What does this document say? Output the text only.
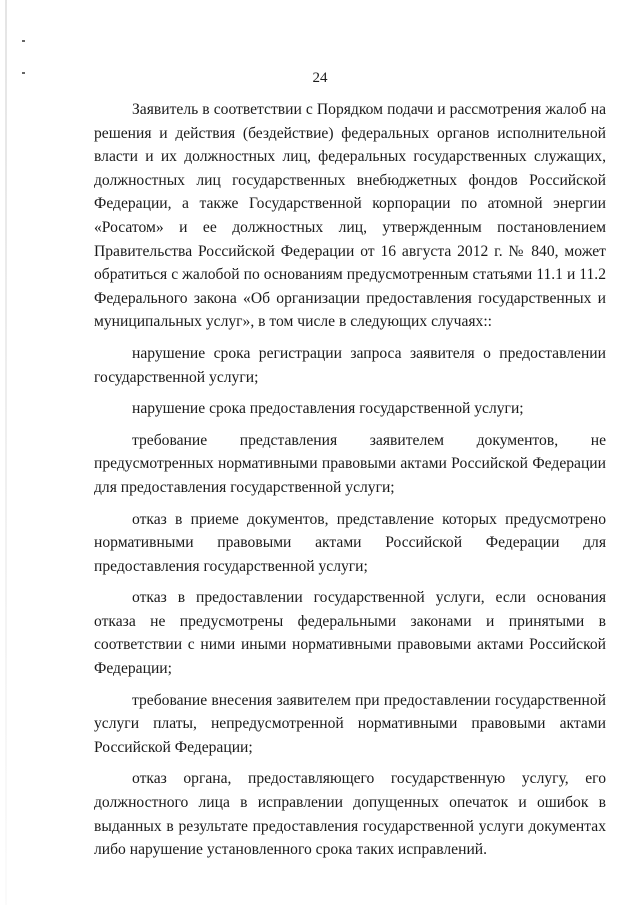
24

Заявитель в соответствии с Порядком подачи и рассмотрения жалоб на решения и действия (бездействие) федеральных органов исполнительной власти и их должностных лиц, федеральных государственных служащих, должностных лиц государственных внебюджетных фондов Российской Федерации, а также Государственной корпорации по атомной энергии «Росатом» и ее должностных лиц, утвержденным постановлением Правительства Российской Федерации от 16 августа 2012 г. № 840, может обратиться с жалобой по основаниям предусмотренным статьями 11.1 и 11.2 Федерального закона «Об организации предоставления государственных и муниципальных услуг», в том числе в следующих случаях::

нарушение срока регистрации запроса заявителя о предоставлении государственной услуги;

нарушение срока предоставления государственной услуги;

требование представления заявителем документов, не предусмотренных нормативными правовыми актами Российской Федерации для предоставления государственной услуги;

отказ в приеме документов, представление которых предусмотрено нормативными правовыми актами Российской Федерации для предоставления государственной услуги;

отказ в предоставлении государственной услуги, если основания отказа не предусмотрены федеральными законами и принятыми в соответствии с ними иными нормативными правовыми актами Российской Федерации;

требование внесения заявителем при предоставлении государственной услуги платы, непредусмотренной нормативными правовыми актами Российской Федерации;

отказ органа, предоставляющего государственную услугу, его должностного лица в исправлении допущенных опечаток и ошибок в выданных в результате предоставления государственной услуги документах либо нарушение установленного срока таких исправлений.
